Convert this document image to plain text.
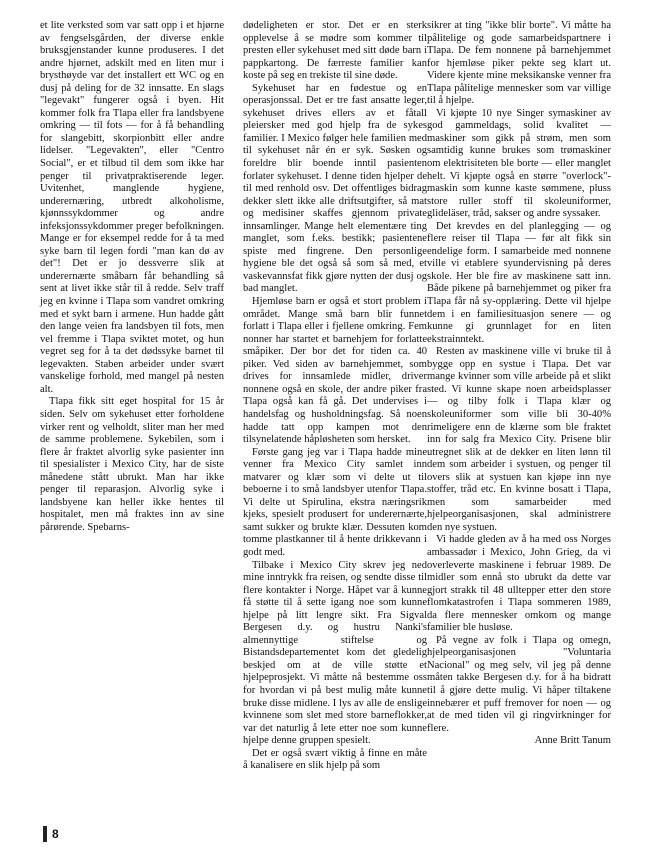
et lite verksted som var satt opp i et hjørne av fengselsgården, der diverse enkle bruksgjenstander kunne produseres. I det andre hjørnet, adskilt med en liten mur i brysthøyde var det installert ett WC og en dusj på deling for de 32 innsatte. En slags "legevakt" fungerer også i byen. Hit kommer folk fra Tlapa eller fra landsbyene omkring — til fots — for å få behandling for slangebitt, skorpionbitt eller andre lidelser. "Legevakten", eller "Centro Social", er et tilbud til dem som ikke har penger til privatpraktiserende leger. Uvitenhet, manglende hygiene, underernæring, utbredt alkoholisme, kjønnssykdommer og andre infeksjonssykdommer preger befolkningen. Mange er for eksempel redde for å ta med syke barn til legen fordi "man kan dø av det"! Det er jo dessverre slik at underernærte småbarn får behandling så sent at livet ikke står til å redde. Selv traff jeg en kvinne i Tlapa som vandret omkring med et sykt barn i armene. Hun hadde gått den lange veien fra landsbyen til fots, men vel fremme i Tlapa sviktet motet, og hun vegret seg for å ta det dødssyke barnet til legevakten. Staben arbeider under svært vanskelige forhold, med mangel på nesten alt.

Tlapa fikk sitt eget hospital for 15 år siden. Selv om sykehuset etter forholdene virker rent og velholdt, sliter man her med de samme problemene. Sykebilen, som i flere år fraktet alvorlig syke pasienter inn til spesialister i Mexico City, har de siste månedene stått ubrukt. Man har ikke penger til reparasjon. Alvorlig syke i landsbyene kan heller ikke hentes til hospitalet, men må fraktes inn av sine pårørende. Spebarns-

dødeligheten er stor. Det er en sterk opplevelse å se mødre som kommer til presten eller sykehuset med sitt døde barn i pappkartong. De færreste familier kan koste på seg en trekiste til sine døde.

Sykehuset har en fødestue og en operasjonssal. Det er tre fast ansatte leger, sykehuset drives ellers av et fåtall pleiersker med god hjelp fra de sykes familier. I Mexico følger hele familien med til sykehuset når én er syk. Søsken og foreldre blir boende inntil pasienten forlater sykehuset. I denne tiden hjelper de til med renhold osv. Det offentliges bidrag dekker slett ikke alle driftsutgifter, så mat og medisiner skaffes gjennom private innsamlinger. Mange helt elementære ting manglet, som f.eks. bestikk; pasientene spiste med fingrene. Den personlige hygiene ble det også så som så med, et vaskevannsfat fikk gjøre nytten der dusj og bad manglet.

Hjemløse barn er også et stort problem i området. Mange små barn blir funnet forlatt i Tlapa eller i fjellene omkring. Fem nonner har startet et barnehjem for forlatte småpiker. Der bor det for tiden ca. 40 piker. Ved siden av barnehjemmet, som drives for innsamlede midler, driver nonnene også en skole, der andre piker fra Tlapa også kan få gå. Det undervises i handelsfag og husholdningsfag. Så noen hadde tatt opp kampen mot den tilsynelatende håpløsheten som hersket.

Første gang jeg var i Tlapa hadde mine venner fra Mexico City samlet inn matvarer og klær som vi delte ut til beboerne i to små landsbyer utenfor Tlapa. Vi delte ut Spirulina, ekstra næringsrik kjeks, spesielt produsert for underernærte, samt sukker og brukte klær. Dessuten kom tomme plastkanner til å hente drikkevann i godt med.

Tilbake i Mexico City skrev jeg ned mine inntrykk fra reisen, og sendte disse til flere kontakter i Norge. Håpet var å kunne få støtte til å sette igang noe som kunne hjelpe på litt lengre sikt. Fra Sigval Bergesen d.y. og hustru Nanki's almennyttige stiftelse og Bistandsdepartementet kom det gledelig beskjed om at de ville støtte et hjelpeprosjekt. Vi måtte nå bestemme oss for hvordan vi på best mulig måte kunne bruke disse midlene. I lys av alle de enslige kvinnene som slet med store barneflokker, var det naturlig å lete etter noe som kunne hjelpe denne gruppen spesielt.

Det er også svært viktig å finne en måte å kanalisere en slik hjelp på som

sikrer at ting "ikke blir borte". Vi måtte ha pålitelige og gode samarbeidspartnere i Tlapa. De fem nonnene på barnehjemmet for hjemløse piker pekte seg klart ut. Videre kjente mine meksikanske venner fra Tlapa pålitelige mennesker som var villige til å hjelpe.

Vi kjøpte 10 nye Singer symaskiner av god gammeldags, solid kvalitet — maskiner som gikk på strøm, men som samtidig kunne brukes som trømaskiner om elektrisiteten ble borte — eller manglet helt. Vi kjøpte også en større "overlock"-maskin som kunne kaste sømmene, pluss store ruller stoff til skoleuniformer, glideläser, tråd, sakser og andre syssaker.

Det krevdes en del planlegging — og flere reiser til Tlapa — før alt fikk sin endelige form. I samarbeide med nonnene ville vi etablere syundervisning på deres skole. Her ble fire av maskinene satt inn. Både pikene på barnehjemmet og piker fra Tlapa får nå sy-opplæring. Dette vil hjelpe dem i en familiesituasjon senere — og kunne gi grunnlaget for en liten ekstrainntekt.

Resten av maskinene ville vi bruke til å bygge opp en systue i Tlapa. Det var mange kvinner som ville arbeide på et slikt sted. Vi kunne skape noen arbeidsplasser — og tilby folk i Tlapa klær og skoleuniformer som ville bli 30-40% rimeligere enn de klærne som ble fraktet inn for salg fra Mexico City. Prisene blir utregnet slik at de dekker en liten lønn til dem som arbeider i systuen, og penger til overs slik at systuen kan kjøpe inn nye stoffer, tråd etc. En kvinne bosatt i Tlapa, men som samarbeider med hjelpeorganisasjonen, skal administrere den nye systuen.

Vi hadde gleden av å ha med oss Norges ambassadør i Mexico, John Grieg, da vi overleverte maskinene i februar 1989. De midler som ennå sto ubrukt da dette var gjort strakk til 48 ulltepper etter den store flomkatastrofen i Tlapa sommeren 1989, da flere mennesker omkom og mange familier ble husløse.

På vegne av folk i Tlapa og omegn, hjelpeorganisasjonen "Voluntaria Nacional" og meg selv, vil jeg på denne måten takke Bergesen d.y. for å ha bidratt til å gjøre dette mulig. Vi håper tiltakene innebærer et puff fremover for noen — og at de med tiden vil gi ringvirkninger for flere.

Anne Britt Tanum

8
